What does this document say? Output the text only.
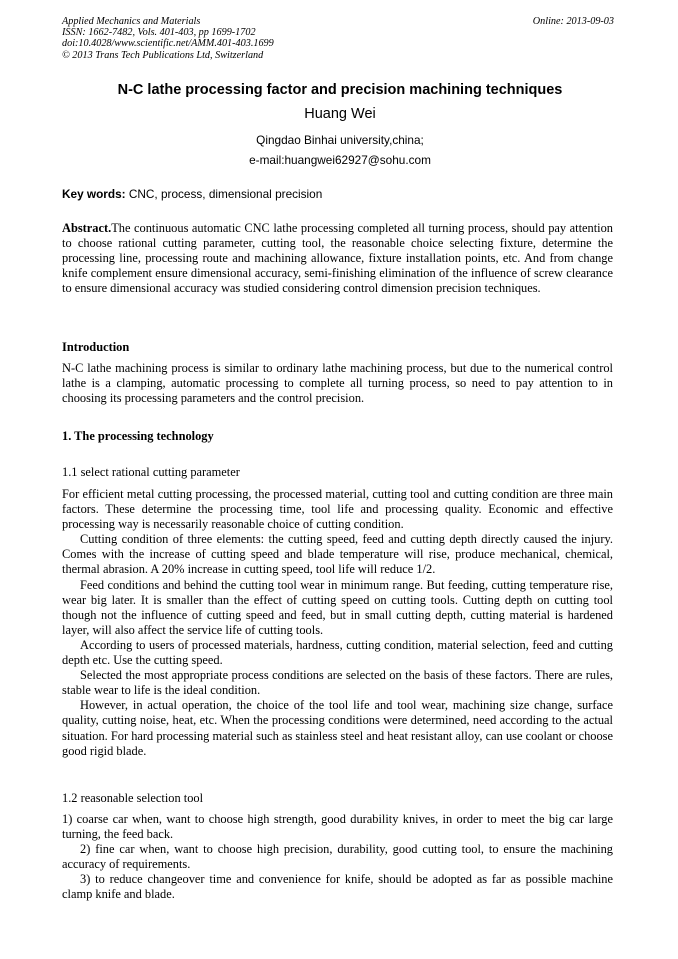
Applied Mechanics and Materials
ISSN: 1662-7482, Vols. 401-403, pp 1699-1702
doi:10.4028/www.scientific.net/AMM.401-403.1699
© 2013 Trans Tech Publications Ltd, Switzerland
Online: 2013-09-03
N-C lathe processing factor and precision machining techniques
Huang Wei
Qingdao Binhai university,china;
e-mail:huangwei62927@sohu.com
Key words: CNC, process, dimensional precision

Abstract.The continuous automatic CNC lathe processing completed all turning process, should pay attention to choose rational cutting parameter, cutting tool, the reasonable choice selecting fixture, determine the processing line, processing route and machining allowance, fixture installation points, etc. And from change knife complement ensure dimensional accuracy, semi-finishing elimination of the influence of screw clearance to ensure dimensional accuracy was studied considering control dimension precision techniques.

Introduction

N-C lathe machining process is similar to ordinary lathe machining process, but due to the numerical control lathe is a clamping, automatic processing to complete all turning process, so need to pay attention to in choosing its processing parameters and the control precision.

1. The processing technology

1.1 select rational cutting parameter

For efficient metal cutting processing, the processed material, cutting tool and cutting condition are three main factors. These determine the processing time, tool life and processing quality. Economic and effective processing way is necessarily reasonable choice of cutting condition.

Cutting condition of three elements: the cutting speed, feed and cutting depth directly caused the injury. Comes with the increase of cutting speed and blade temperature will rise, produce mechanical, chemical, thermal abrasion. A 20% increase in cutting speed, tool life will reduce 1/2.

Feed conditions and behind the cutting tool wear in minimum range. But feeding, cutting temperature rise, wear big later. It is smaller than the effect of cutting speed on cutting tools. Cutting depth on cutting tool though not the influence of cutting speed and feed, but in small cutting depth, cutting material is hardened layer, will also affect the service life of cutting tools.

According to users of processed materials, hardness, cutting condition, material selection, feed and cutting depth etc. Use the cutting speed.

Selected the most appropriate process conditions are selected on the basis of these factors. There are rules, stable wear to life is the ideal condition.

However, in actual operation, the choice of the tool life and tool wear, machining size change, surface quality, cutting noise, heat, etc. When the processing conditions were determined, need according to the actual situation. For hard processing material such as stainless steel and heat resistant alloy, can use coolant or choose good rigid blade.

1.2 reasonable selection tool

1) coarse car when, want to choose high strength, good durability knives, in order to meet the big car large turning, the feed back.

2) fine car when, want to choose high precision, durability, good cutting tool, to ensure the machining accuracy of requirements.

3) to reduce changeover time and convenience for knife, should be adopted as far as possible machine clamp knife and blade.
